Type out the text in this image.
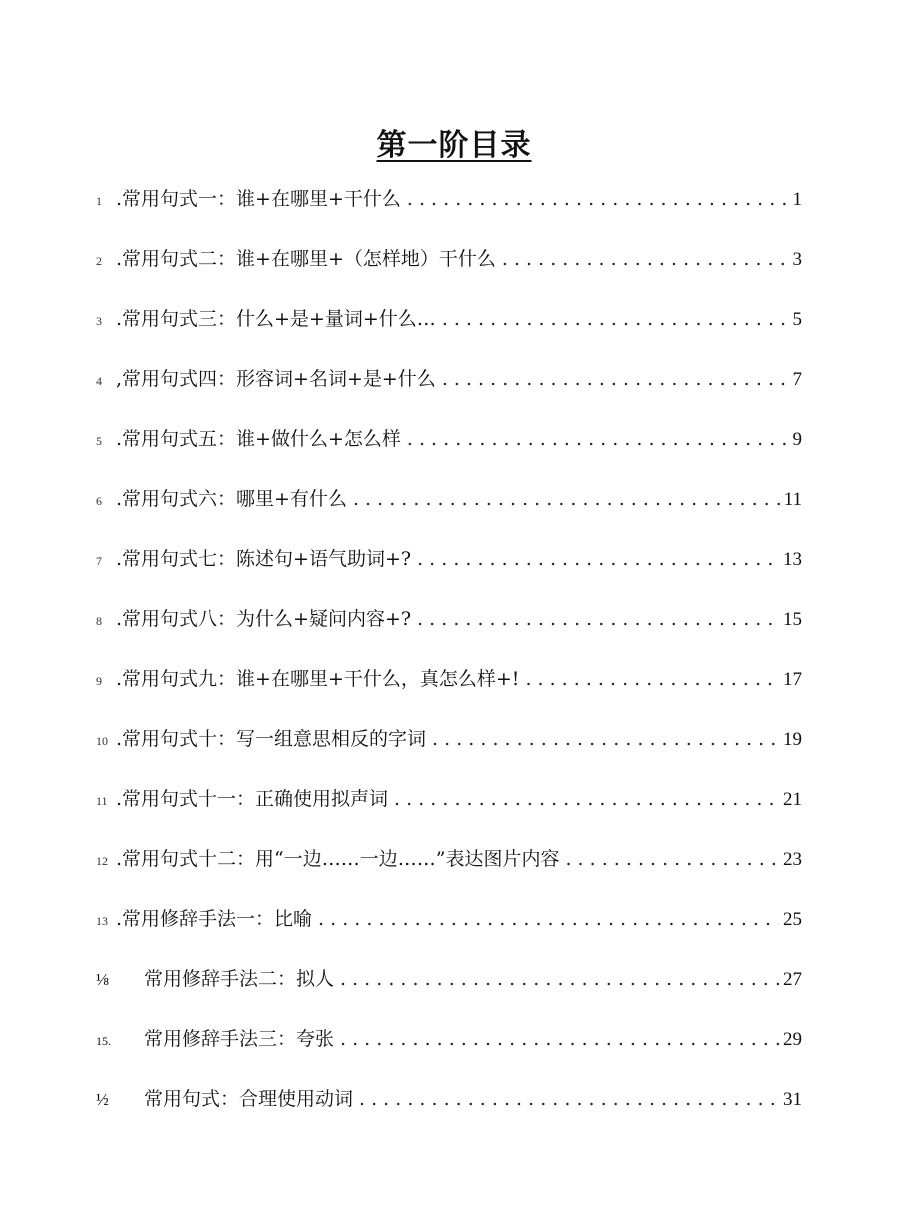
第一阶目录
1 .常用句式一：谁+在哪里+干什么 . . .	1
2 .常用句式二：谁+在哪里+（怎样地）干什么 . . .	3
3 .常用句式三：什么+是+量词+什么… . . .	5
4 ,常用句式四：形容词+名词+是+什么 . . .	7
5 .常用句式五：谁+做什么+怎么样 . . .	9
6 .常用句式六：哪里+有什么 . . .	11
7 .常用句式七：陈述句+语气助词+? . . .	13
8 .常用句式八：为什么+疑问内容+? . . .	15
9 .常用句式九：谁+在哪里+干什么，真怎么样+! . . .	17
10 .常用句式十：写一组意思相反的字词 . . .	19
11 .常用句式十一：正确使用拟声词 . . .	21
12 .常用句式十二：用“一边……一边……”表达图片内容 . . .	23
13 .常用修辞手法一：比喻 . . .	25
⅛	常用修辞手法二：拟人 . . .	27
15.	常用修辞手法三：夸张 . . .	29
½	常用句式：合理使用动词 . . .	31
